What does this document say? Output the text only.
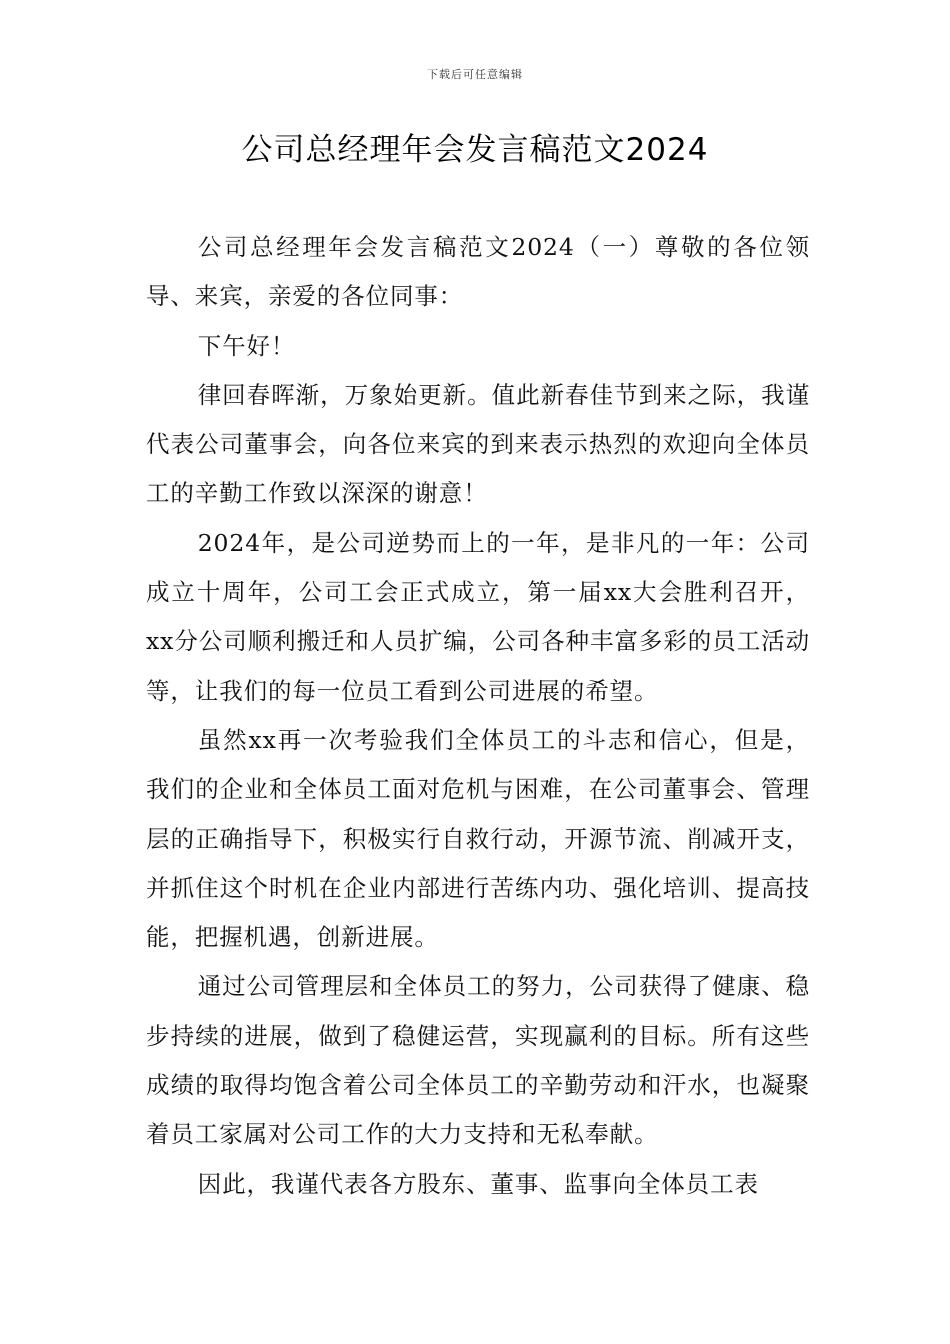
下载后可任意编辑
公司总经理年会发言稿范文2024

公司总经理年会发言稿范文2024（一）尊敬的各位领导、来宾，亲爱的各位同事：

下午好！

律回春晖渐，万象始更新。值此新春佳节到来之际，我谨代表公司董事会，向各位来宾的到来表示热烈的欢迎向全体员工的辛勤工作致以深深的谢意！

2024年，是公司逆势而上的一年，是非凡的一年：公司成立十周年，公司工会正式成立，第一届xx大会胜利召开，xx分公司顺利搬迁和人员扩编，公司各种丰富多彩的员工活动等，让我们的每一位员工看到公司进展的希望。

虽然xx再一次考验我们全体员工的斗志和信心，但是，我们的企业和全体员工面对危机与困难，在公司董事会、管理层的正确指导下，积极实行自救行动，开源节流、削减开支，并抓住这个时机在企业内部进行苦练内功、强化培训、提高技能，把握机遇，创新进展。

通过公司管理层和全体员工的努力，公司获得了健康、稳步持续的进展，做到了稳健运营，实现赢利的目标。所有这些成绩的取得均饱含着公司全体员工的辛勤劳动和汗水，也凝聚着员工家属对公司工作的大力支持和无私奉献。

因此，我谨代表各方股东、董事、监事向全体员工表
